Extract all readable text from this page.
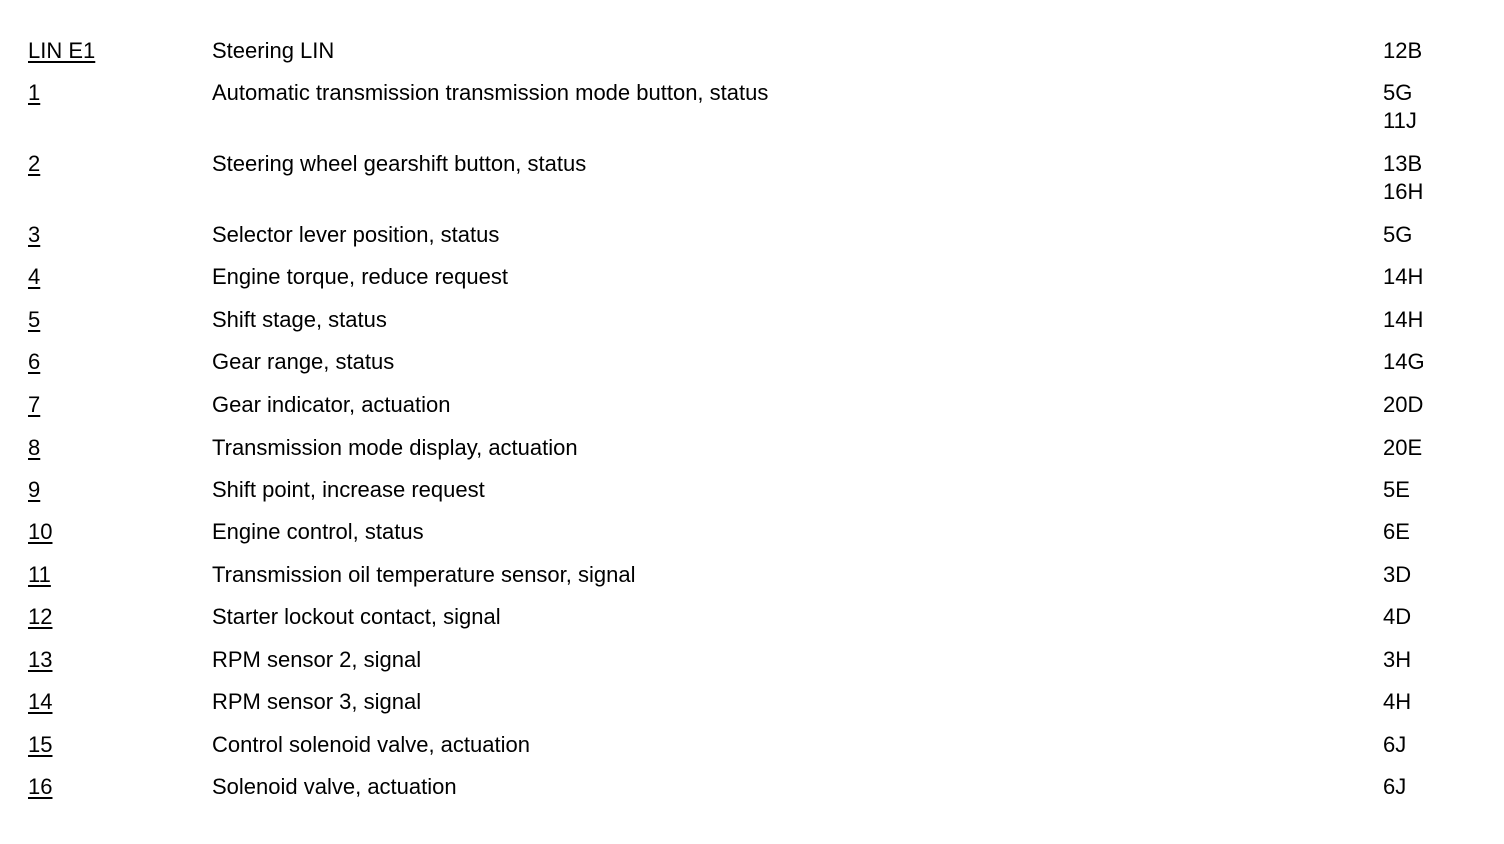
LIN E1	Steering LIN	12B
1	Automatic transmission transmission mode button, status	5G
11J
2	Steering wheel gearshift button, status	13B
16H
3	Selector lever position, status	5G
4	Engine torque, reduce request	14H
5	Shift stage, status	14H
6	Gear range, status	14G
7	Gear indicator, actuation	20D
8	Transmission mode display, actuation	20E
9	Shift point, increase request	5E
10	Engine control, status	6E
11	Transmission oil temperature sensor, signal	3D
12	Starter lockout contact, signal	4D
13	RPM sensor 2, signal	3H
14	RPM sensor 3, signal	4H
15	Control solenoid valve, actuation	6J
16	Solenoid valve, actuation	6J
